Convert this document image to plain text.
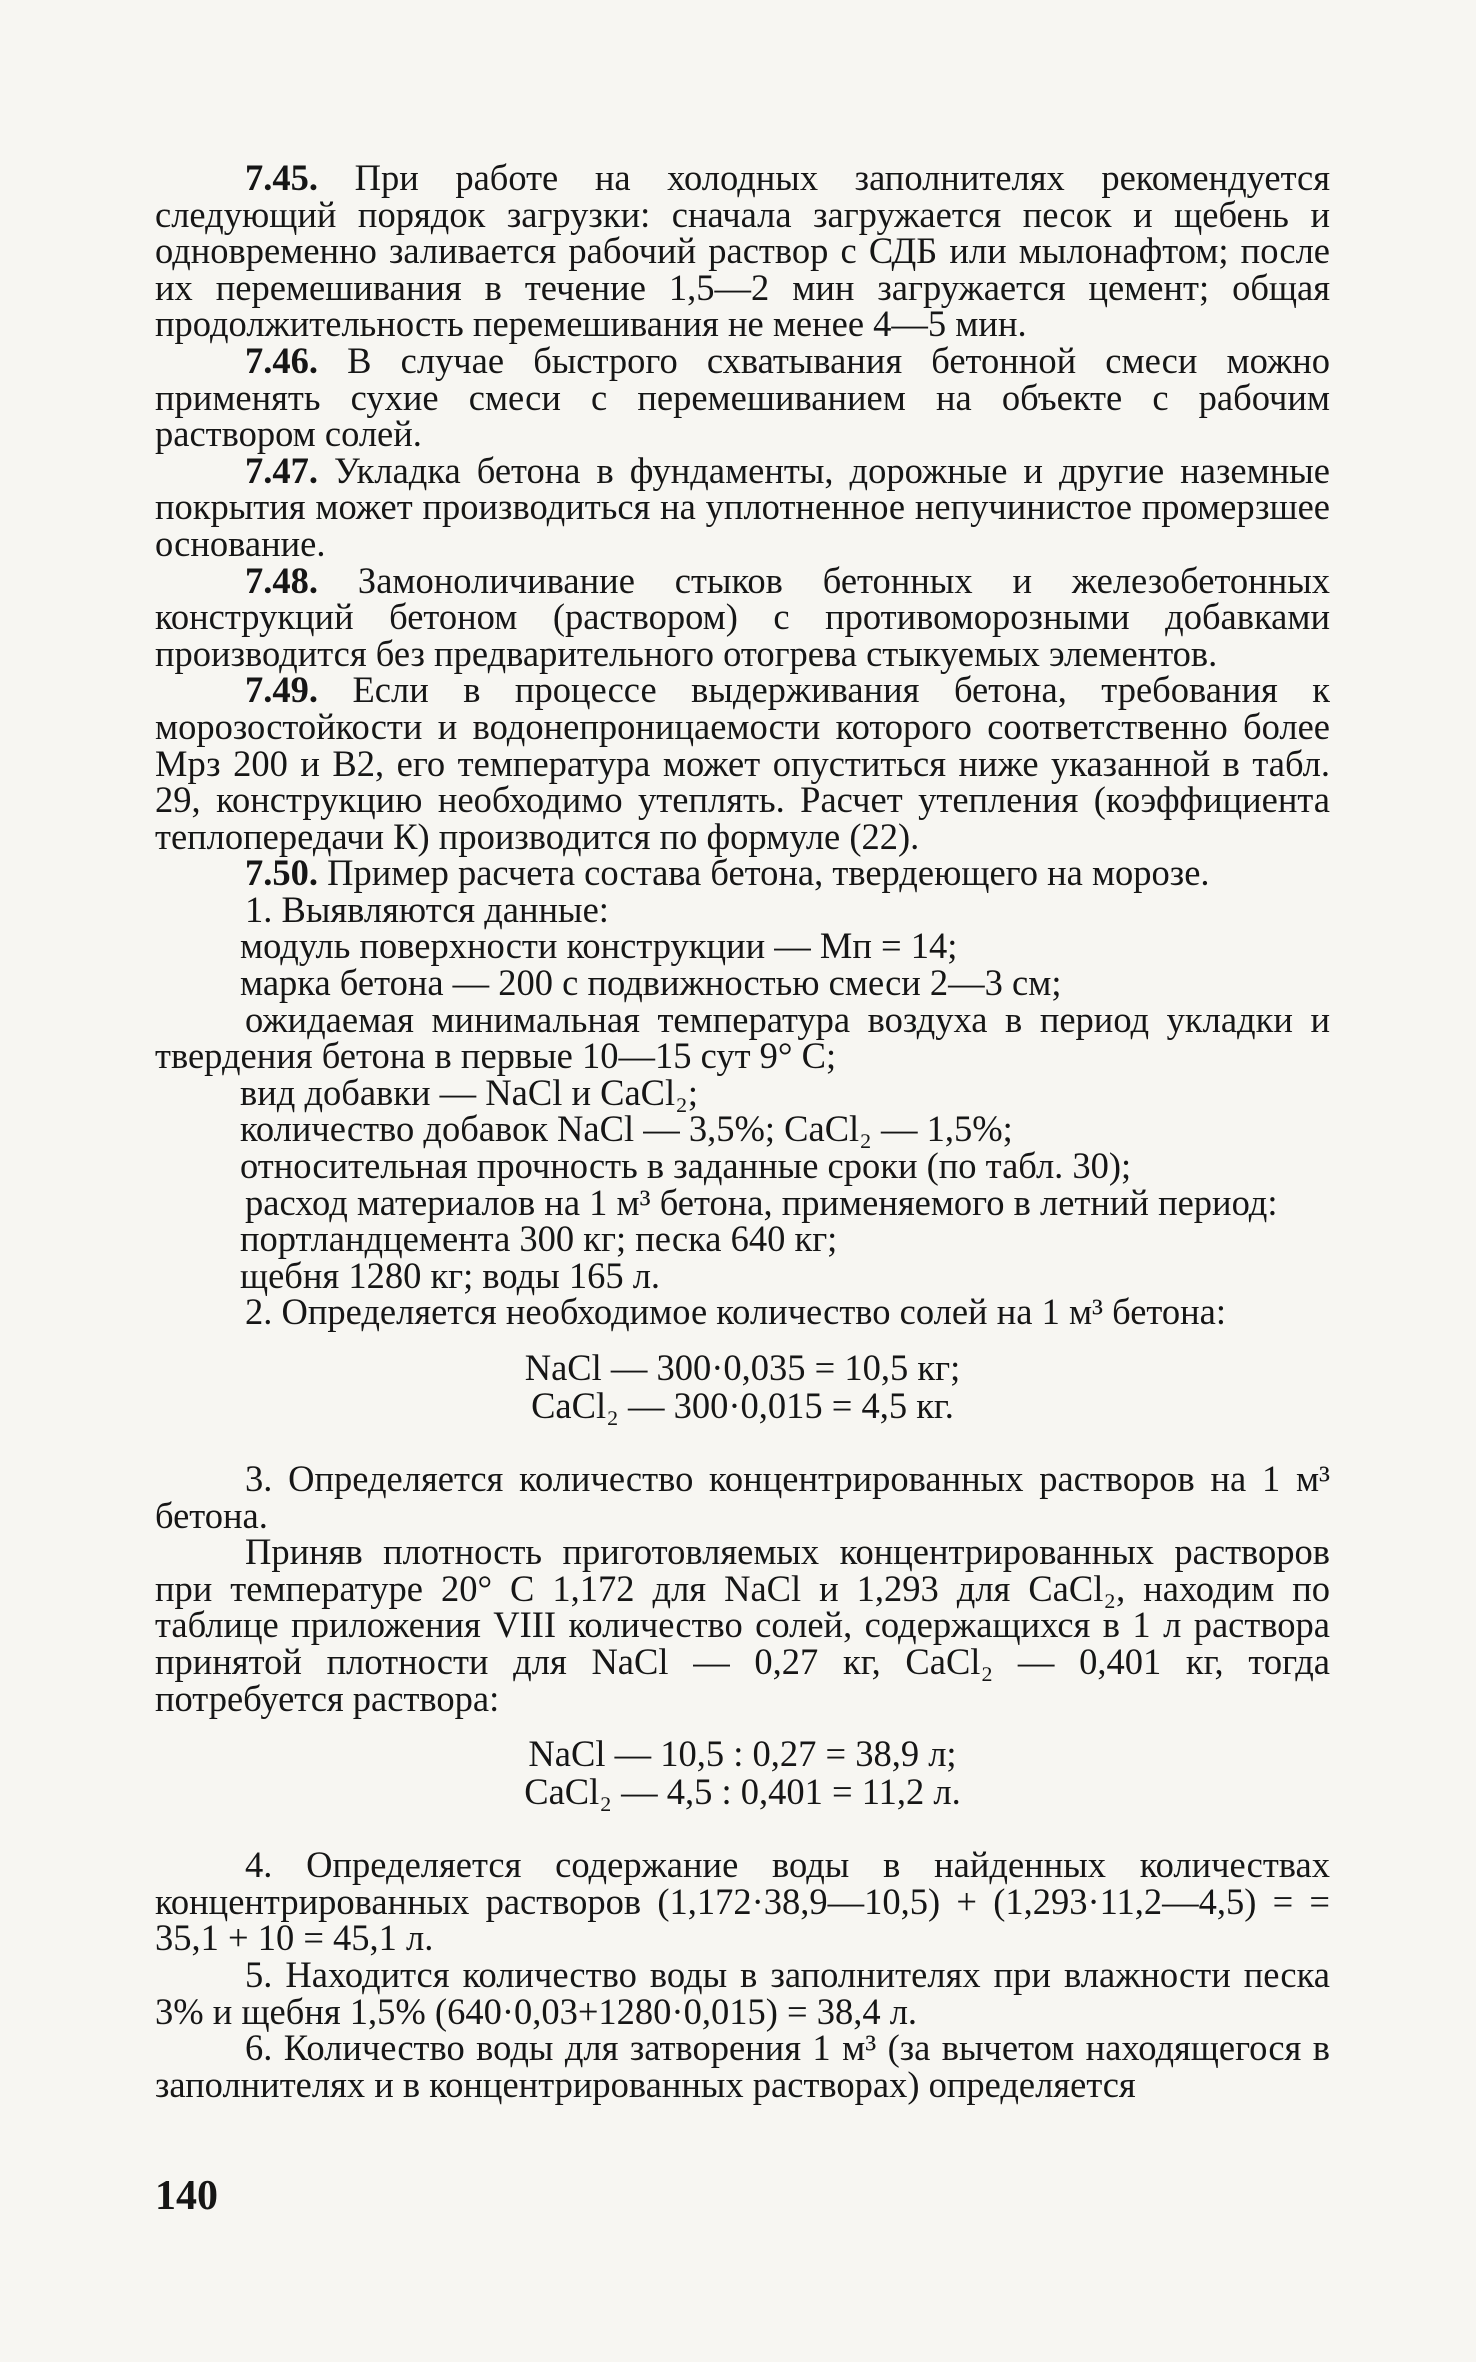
7.45. При работе на холодных заполнителях рекомендуется следующий порядок загрузки: сначала загружается песок и щебень и одновременно заливается рабочий раствор с СДБ или мылонафтом; после их перемешивания в течение 1,5—2 мин загружается цемент; общая продолжительность перемешивания не менее 4—5 мин.

7.46. В случае быстрого схватывания бетонной смеси можно применять сухие смеси с перемешиванием на объекте с рабочим раствором солей.

7.47. Укладка бетона в фундаменты, дорожные и другие наземные покрытия может производиться на уплотненное непучинистое промерзшее основание.

7.48. Замоноличивание стыков бетонных и железобетонных конструкций бетоном (раствором) с противоморозными добавками производится без предварительного отогрева стыкуемых элементов.

7.49. Если в процессе выдерживания бетона, требования к морозостойкости и водонепроницаемости которого соответственно более Мрз 200 и В2, его температура может опуститься ниже указанной в табл. 29, конструкцию необходимо утеплять. Расчет утепления (коэффициента теплопередачи К) производится по формуле (22).

7.50. Пример расчета состава бетона, твердеющего на морозе.

1. Выявляются данные:

модуль поверхности конструкции — Мп = 14;

марка бетона — 200 с подвижностью смеси 2—3 см;

ожидаемая минимальная температура воздуха в период укладки и твердения бетона в первые 10—15 сут 9° С;

вид добавки — NaCl и CaCl₂;

количество добавок NaCl — 3,5%; CaCl₂ — 1,5%;

относительная прочность в заданные сроки (по табл. 30);

расход материалов на 1 м³ бетона, применяемого в летний период:

портландцемента 300 кг; песка 640 кг;

щебня 1280 кг; воды 165 л.

2. Определяется необходимое количество солей на 1 м³ бетона:

NaCl — 300·0,035 = 10,5 кг;
CaCl₂ — 300·0,015 = 4,5 кг.

3. Определяется количество концентрированных растворов на 1 м³ бетона.

Приняв плотность приготовляемых концентрированных растворов при температуре 20° С 1,172 для NaCl и 1,293 для CaCl₂, находим по таблице приложения VIII количество солей, содержащихся в 1 л раствора принятой плотности для NaCl — 0,27 кг, CaCl₂ — 0,401 кг, тогда потребуется раствора:

NaCl — 10,5 : 0,27 = 38,9 л;
CaCl₂ — 4,5 : 0,401 = 11,2 л.

4. Определяется содержание воды в найденных количествах концентрированных растворов (1,172·38,9—10,5) + (1,293·11,2—4,5) = = 35,1 + 10 = 45,1 л.

5. Находится количество воды в заполнителях при влажности песка 3% и щебня 1,5% (640·0,03+1280·0,015) = 38,4 л.

6. Количество воды для затворения 1 м³ (за вычетом находящегося в заполнителях и в концентрированных растворах) определяется

140
